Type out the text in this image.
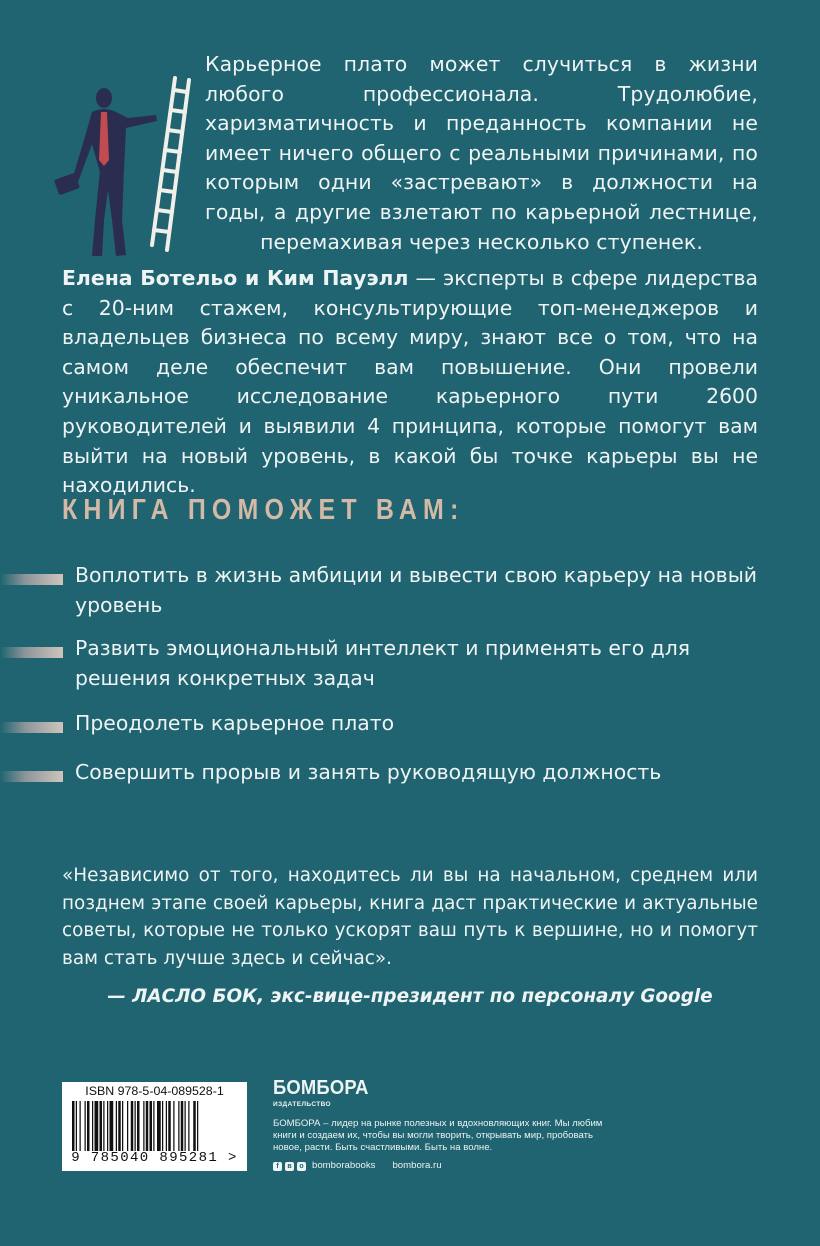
Карьерное плато может случиться в жизни любого профессионала. Трудолюбие, харизматичность и преданность компании не имеет ничего общего с реальными причинами, по которым одни «застревают» в должности на годы, а другие взлетают по карьерной лестнице, перемахивая через несколько ступенек.
Елена Ботельо и Ким Пауэлл — эксперты в сфере лидерства с 20-ним стажем, консультирующие топ-менеджеров и владельцев бизнеса по всему миру, знают все о том, что на самом деле обеспечит вам повышение. Они провели уникальное исследование карьерного пути 2600 руководителей и выявили 4 принципа, которые помогут вам выйти на новый уровень, в какой бы точке карьеры вы не находились.
КНИГА ПОМОЖЕТ ВАМ:
Воплотить в жизнь амбиции и вывести свою карьеру на новый уровень
Развить эмоциональный интеллект и применять его для решения конкретных задач
Преодолеть карьерное плато
Совершить прорыв и занять руководящую должность
«Независимо от того, находитесь ли вы на начальном, среднем или позднем этапе своей карьеры, книга даст практические и актуальные советы, которые не только ускорят ваш путь к вершине, но и помогут вам стать лучше здесь и сейчас».
— ЛАСЛО БОК, экс-вице-президент по персоналу Google
ISBN 978-5-04-089528-1
9 785040 895281 >
БОМБОРА
ИЗДАТЕЛЬСТВО
БОМБОРА – лидер на рынке полезных и вдохновляющих книг. Мы любим книги и создаем их, чтобы вы могли творить, открывать мир, пробовать новое, расти. Быть счастливыми. Быть на волне.
f	в	о bomborabooks bombora.ru
